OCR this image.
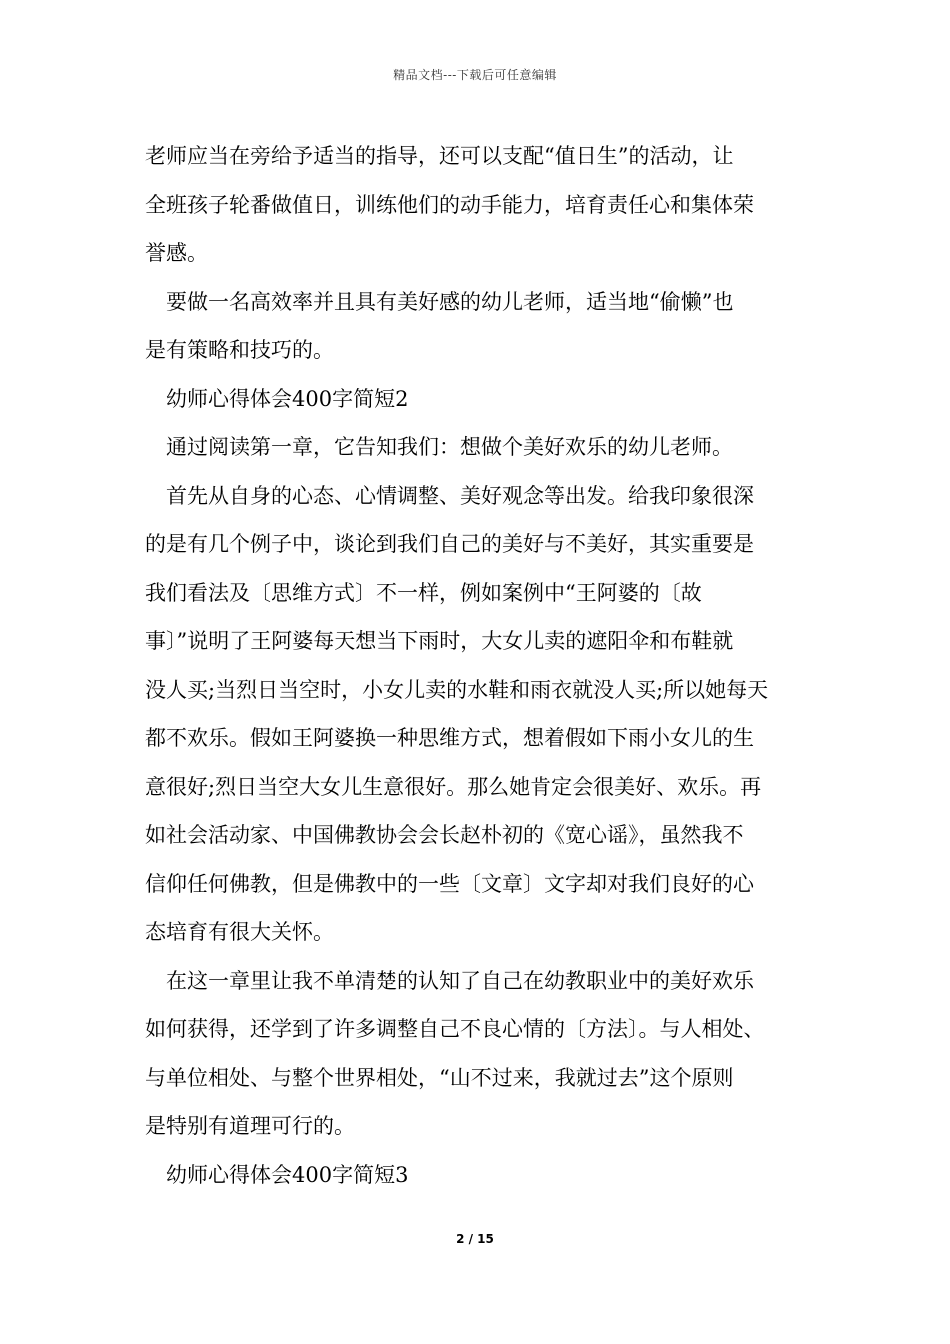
精品文档---下载后可任意编辑
老师应当在旁给予适当的指导，还可以支配“值日生”的活动，让
全班孩子轮番做值日，训练他们的动手能力，培育责任心和集体荣
誉感。
要做一名高效率并且具有美好感的幼儿老师，适当地“偷懒”也
是有策略和技巧的。
幼师心得体会400字简短2
通过阅读第一章，它告知我们：想做个美好欢乐的幼儿老师。
首先从自身的心态、心情调整、美好观念等出发。给我印象很深
的是有几个例子中，谈论到我们自己的美好与不美好，其实重要是
我们看法及〔思维方式〕不一样，例如案例中“王阿婆的〔故
事〕”说明了王阿婆每天想当下雨时，大女儿卖的遮阳伞和布鞋就
没人买;当烈日当空时，小女儿卖的水鞋和雨衣就没人买;所以她每天
都不欢乐。假如王阿婆换一种思维方式，想着假如下雨小女儿的生
意很好;烈日当空大女儿生意很好。那么她肯定会很美好、欢乐。再
如社会活动家、中国佛教协会会长赵朴初的《宽心谣》，虽然我不
信仰任何佛教，但是佛教中的一些〔文章〕文字却对我们良好的心
态培育有很大关怀。
在这一章里让我不单清楚的认知了自己在幼教职业中的美好欢乐
如何获得，还学到了许多调整自己不良心情的〔方法〕。与人相处、
与单位相处、与整个世界相处，“山不过来，我就过去”这个原则
是特别有道理可行的。
幼师心得体会400字简短3
2 / 15
